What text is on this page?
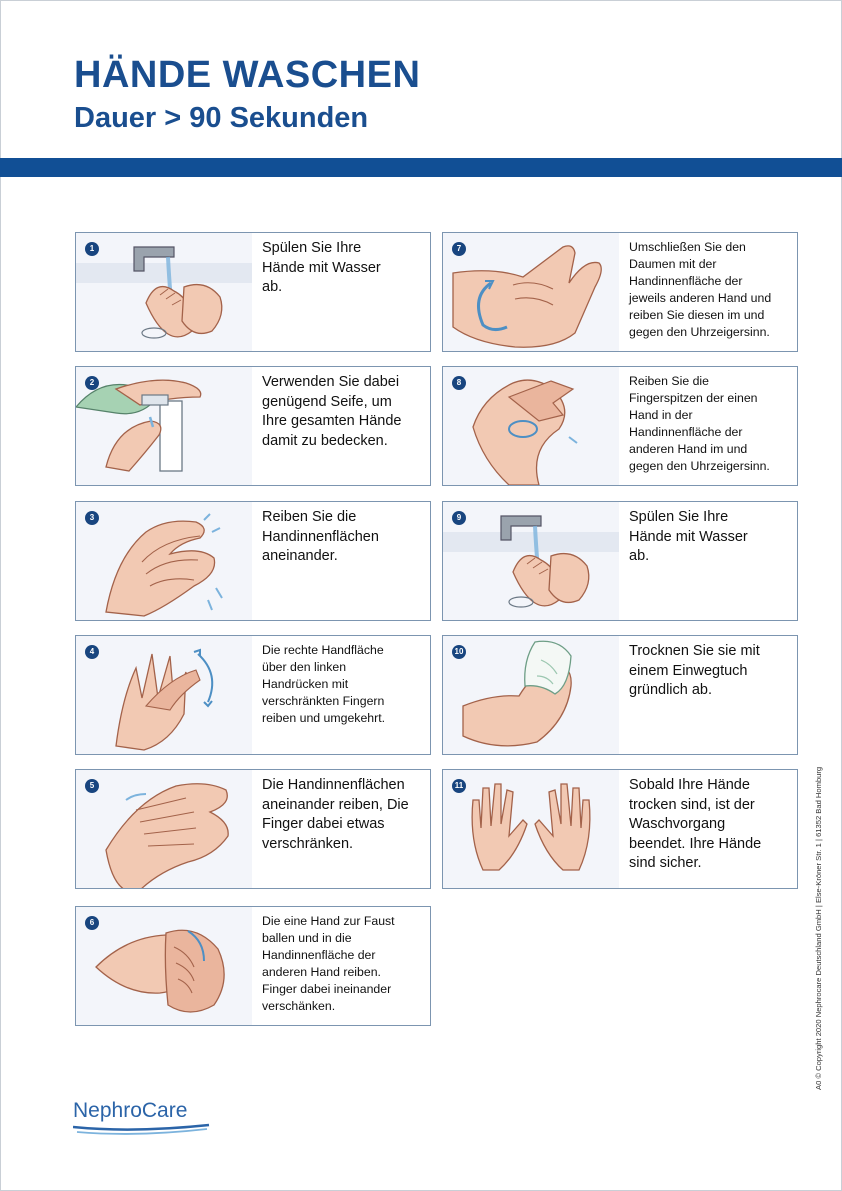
HÄNDE WASCHEN
Dauer > 90 Sekunden
1	Spülen Sie Ihre
Hände mit Wasser
ab.

2	Verwenden Sie dabei
genügend Seife, um
Ihre gesamten Hände
damit zu bedecken.

3	Reiben Sie die
Handinnenflächen
aneinander.

4	Die rechte Handfläche
über den linken
Handrücken mit
verschränkten Fingern
reiben und umgekehrt.

5	Die Handinnenflächen
aneinander reiben, Die
Finger dabei etwas
verschränken.

6	Die eine Hand zur Faust
ballen und in die
Handinnenfläche der
anderen Hand reiben.
Finger dabei ineinander
verschänken.

7	Umschließen Sie den
Daumen mit der
Handinnenfläche der
jeweils anderen Hand und
reiben Sie diesen im und
gegen den Uhrzeigersinn.

8	Reiben Sie die
Fingerspitzen der einen
Hand in der
Handinnenfläche der
anderen Hand im und
gegen den Uhrzeigersinn.

9	Spülen Sie Ihre
Hände mit Wasser
ab.

10	Trocknen Sie sie mit
einem Einwegtuch
gründlich ab.

11	Sobald Ihre Hände
trocken sind, ist der
Waschvorgang
beendet. Ihre Hände
sind sicher.	A0 © Copyright 2020 Nephrocare Deutschland GmbH | Else-Kröner Str. 1 | 61352 Bad Homburg
NephroCare
